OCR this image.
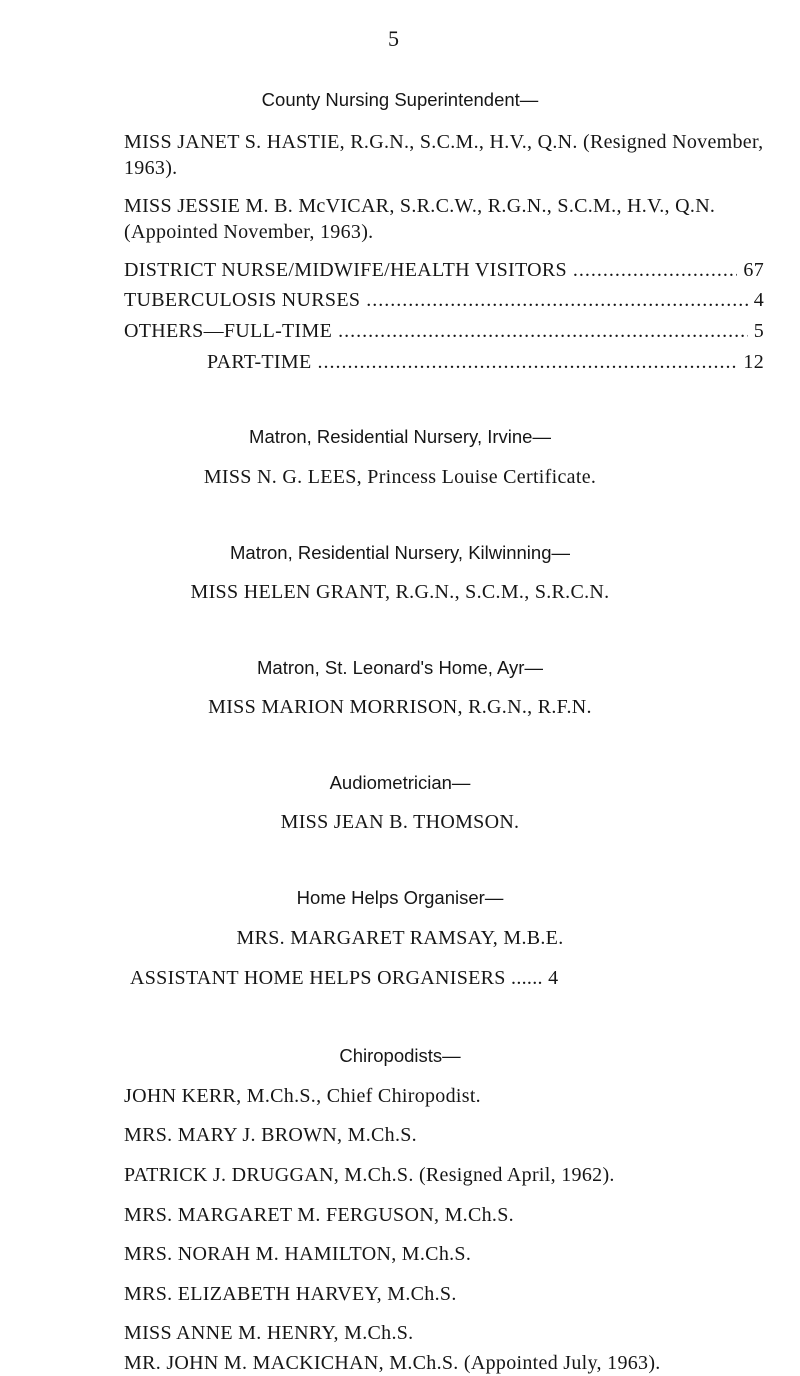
5
County Nursing Superintendent—
MISS JANET S. HASTIE, R.G.N., S.C.M., H.V., Q.N. (Resigned November, 1963).
MISS JESSIE M. B. McVICAR, S.R.C.W., R.G.N., S.C.M., H.V., Q.N. (Appointed November, 1963).
DISTRICT NURSE/MIDWIFE/HEALTH VISITORS .....	67
TUBERCULOSIS NURSES .....	4
OTHERS—FULL-TIME .....	5
PART-TIME .....	12
Matron, Residential Nursery, Irvine—
MISS N. G. LEES, Princess Louise Certificate.
Matron, Residential Nursery, Kilwinning—
MISS HELEN GRANT, R.G.N., S.C.M., S.R.C.N.
Matron, St. Leonard's Home, Ayr—
MISS MARION MORRISON, R.G.N., R.F.N.
Audiometrician—
MISS JEAN B. THOMSON.
Home Helps Organiser—
MRS. MARGARET RAMSAY, M.B.E.
ASSISTANT HOME HELPS ORGANISERS ...... 4
Chiropodists—
JOHN KERR, M.Ch.S., Chief Chiropodist.
MRS. MARY J. BROWN, M.Ch.S.
PATRICK J. DRUGGAN, M.Ch.S. (Resigned April, 1962).
MRS. MARGARET M. FERGUSON, M.Ch.S.
MRS. NORAH M. HAMILTON, M.Ch.S.
MRS. ELIZABETH HARVEY, M.Ch.S.
MISS ANNE M. HENRY, M.Ch.S.
MR. JOHN M. MACKICHAN, M.Ch.S. (Appointed July, 1963).
